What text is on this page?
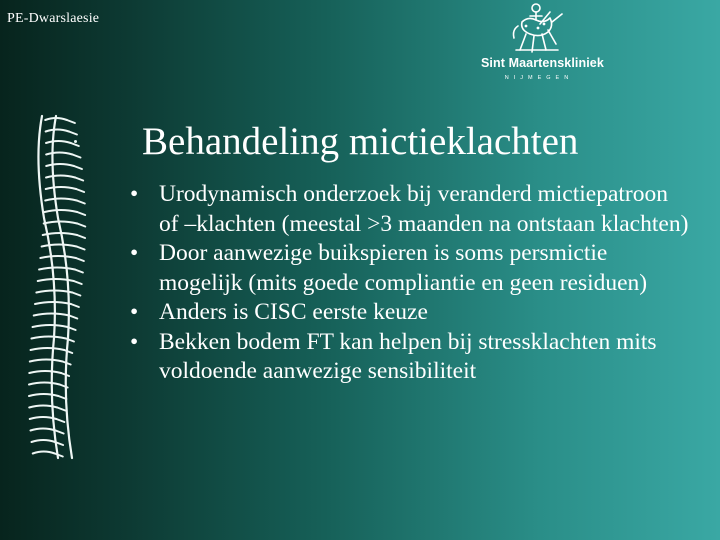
PE-Dwarslaesie
Sint Maartenskliniek
NIJMEGEN
Behandeling mictieklachten
• Urodynamisch onderzoek bij veranderd mictiepatroon of –klachten (meestal >3 maanden na ontstaan klachten)
• Door aanwezige buikspieren is soms persmictie mogelijk (mits goede compliantie en geen residuen)
• Anders is CISC eerste keuze
• Bekken bodem FT kan helpen bij stressklachten mits voldoende aanwezige sensibiliteit
